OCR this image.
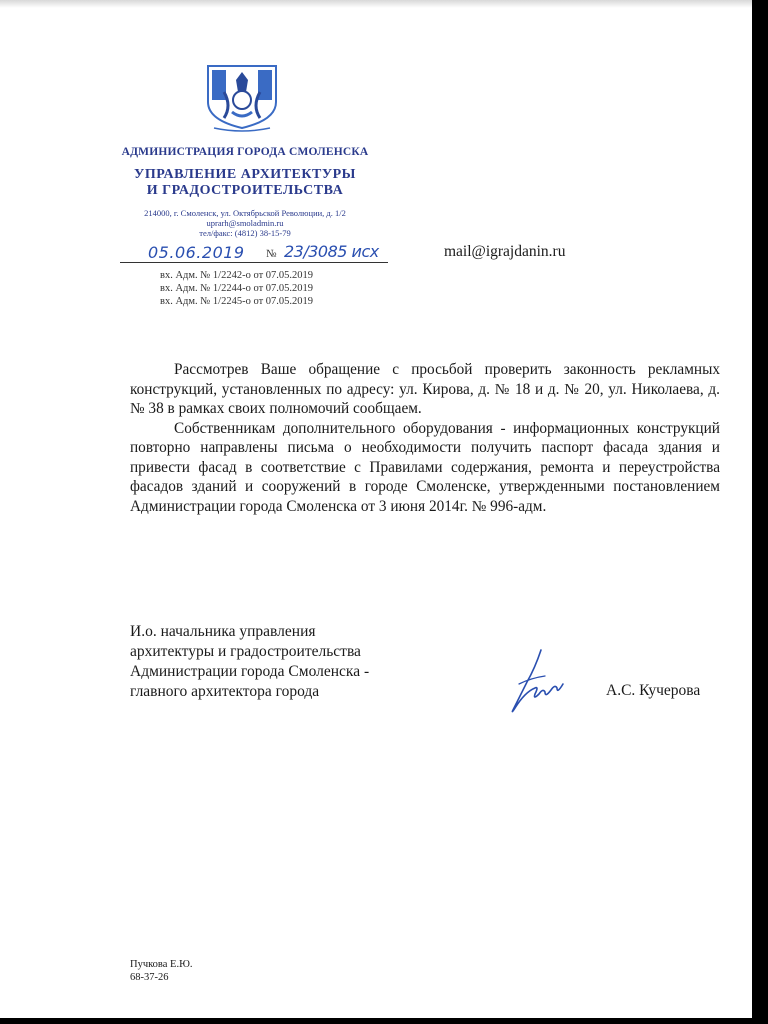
АДМИНИСТРАЦИЯ ГОРОДА СМОЛЕНСКА
УПРАВЛЕНИЕ АРХИТЕКТУРЫ
И ГРАДОСТРОИТЕЛЬСТВА
214000, г. Смоленск, ул. Октябрьской Революции, д. 1/2
uprarh@smoladmin.ru
тел/факс: (4812) 38-15-79
05.06.2019 № 23/3085 исх
вх. Адм. № 1/2242-о от 07.05.2019
вх. Адм. № 1/2244-о от 07.05.2019
вх. Адм. № 1/2245-о от 07.05.2019
mail@igrajdanin.ru

Рассмотрев Ваше обращение с просьбой проверить законность рекламных конструкций, установленных по адресу: ул. Кирова, д. № 18 и д. № 20, ул. Николаева, д. № 38 в рамках своих полномочий сообщаем.

Собственникам дополнительного оборудования - информационных конструкций повторно направлены письма о необходимости получить паспорт фасада здания и привести фасад в соответствие с Правилами содержания, ремонта и переустройства фасадов зданий и сооружений в городе Смоленске, утвержденными постановлением Администрации города Смоленска от 3 июня 2014г. № 996-адм.

И.о. начальника управления
архитектуры и градостроительства
Администрации города Смоленска -
главного архитектора города	А.С. Кучерова
Пучкова Е.Ю.
68-37-26
